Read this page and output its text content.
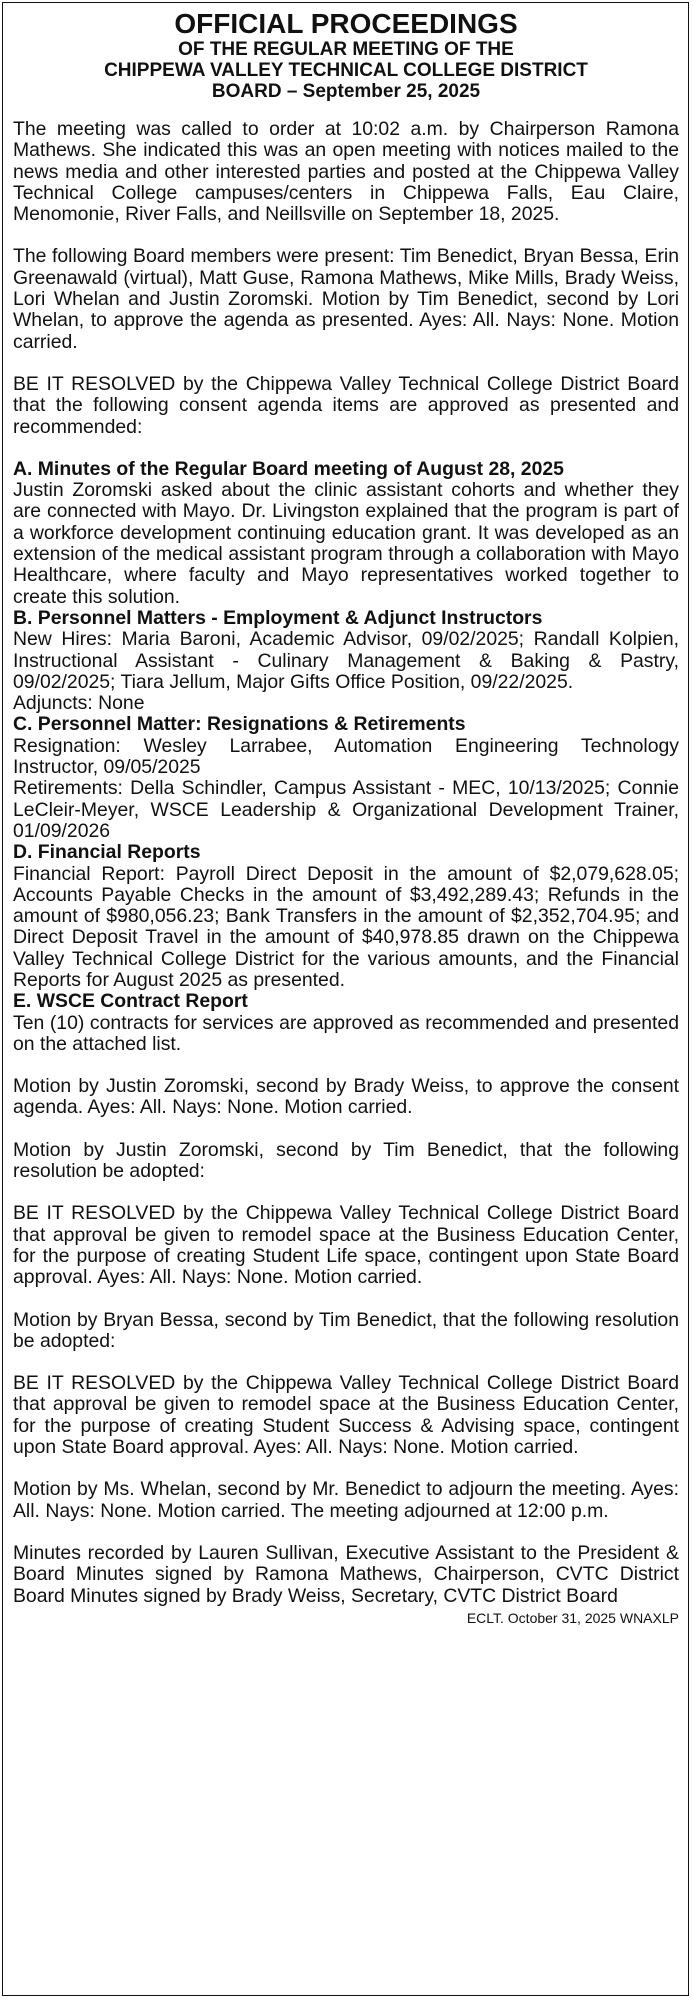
OFFICIAL PROCEEDINGS

OF THE REGULAR MEETING OF THE

CHIPPEWA VALLEY TECHNICAL COLLEGE DISTRICT

BOARD – September 25, 2025

The meeting was called to order at 10:02 a.m. by Chairperson Ramona Mathews. She indicated this was an open meeting with notices mailed to the news media and other interested parties and posted at the Chippewa Valley Technical College campuses/centers in Chippewa Falls, Eau Claire, Menomonie, River Falls, and Neillsville on September 18, 2025.

The following Board members were present: Tim Benedict, Bryan Bessa, Erin Greenawald (virtual), Matt Guse, Ramona Mathews, Mike Mills, Brady Weiss, Lori Whelan and Justin Zoromski. Motion by Tim Benedict, second by Lori Whelan, to approve the agenda as presented. Ayes: All. Nays: None. Motion carried.

BE IT RESOLVED by the Chippewa Valley Technical College District Board that the following consent agenda items are approved as presented and recommended:

A. Minutes of the Regular Board meeting of August 28, 2025

Justin Zoromski asked about the clinic assistant cohorts and whether they are connected with Mayo. Dr. Livingston explained that the program is part of a workforce development continuing education grant. It was developed as an extension of the medical assistant program through a collaboration with Mayo Healthcare, where faculty and Mayo representatives worked together to create this solution.

B. Personnel Matters - Employment & Adjunct Instructors

New Hires: Maria Baroni, Academic Advisor, 09/02/2025; Randall Kolpien, Instructional Assistant - Culinary Management & Baking & Pastry, 09/02/2025; Tiara Jellum, Major Gifts Office Position, 09/22/2025.

Adjuncts: None

C. Personnel Matter: Resignations & Retirements

Resignation: Wesley Larrabee, Automation Engineering Technology Instructor, 09/05/2025

Retirements: Della Schindler, Campus Assistant - MEC, 10/13/2025; Connie LeCleir-Meyer, WSCE Leadership & Organizational Development Trainer, 01/09/2026

D. Financial Reports

Financial Report: Payroll Direct Deposit in the amount of $2,079,628.05; Accounts Payable Checks in the amount of $3,492,289.43; Refunds in the amount of $980,056.23; Bank Transfers in the amount of $2,352,704.95; and Direct Deposit Travel in the amount of $40,978.85 drawn on the Chippewa Valley Technical College District for the various amounts, and the Financial Reports for August 2025 as presented.

E. WSCE Contract Report

Ten (10) contracts for services are approved as recommended and presented on the attached list.

Motion by Justin Zoromski, second by Brady Weiss, to approve the consent agenda. Ayes: All. Nays: None. Motion carried.

Motion by Justin Zoromski, second by Tim Benedict, that the following resolution be adopted:

BE IT RESOLVED by the Chippewa Valley Technical College District Board that approval be given to remodel space at the Business Education Center, for the purpose of creating Student Life space, contingent upon State Board approval. Ayes: All. Nays: None. Motion carried.

Motion by Bryan Bessa, second by Tim Benedict, that the following resolution be adopted:

BE IT RESOLVED by the Chippewa Valley Technical College District Board that approval be given to remodel space at the Business Education Center, for the purpose of creating Student Success & Advising space, contingent upon State Board approval. Ayes: All. Nays: None. Motion carried.

Motion by Ms. Whelan, second by Mr. Benedict to adjourn the meeting. Ayes: All. Nays: None. Motion carried. The meeting adjourned at 12:00 p.m.

Minutes recorded by Lauren Sullivan, Executive Assistant to the President & Board Minutes signed by Ramona Mathews, Chairperson, CVTC District Board Minutes signed by Brady Weiss, Secretary, CVTC District Board

ECLT. October 31, 2025 WNAXLP
